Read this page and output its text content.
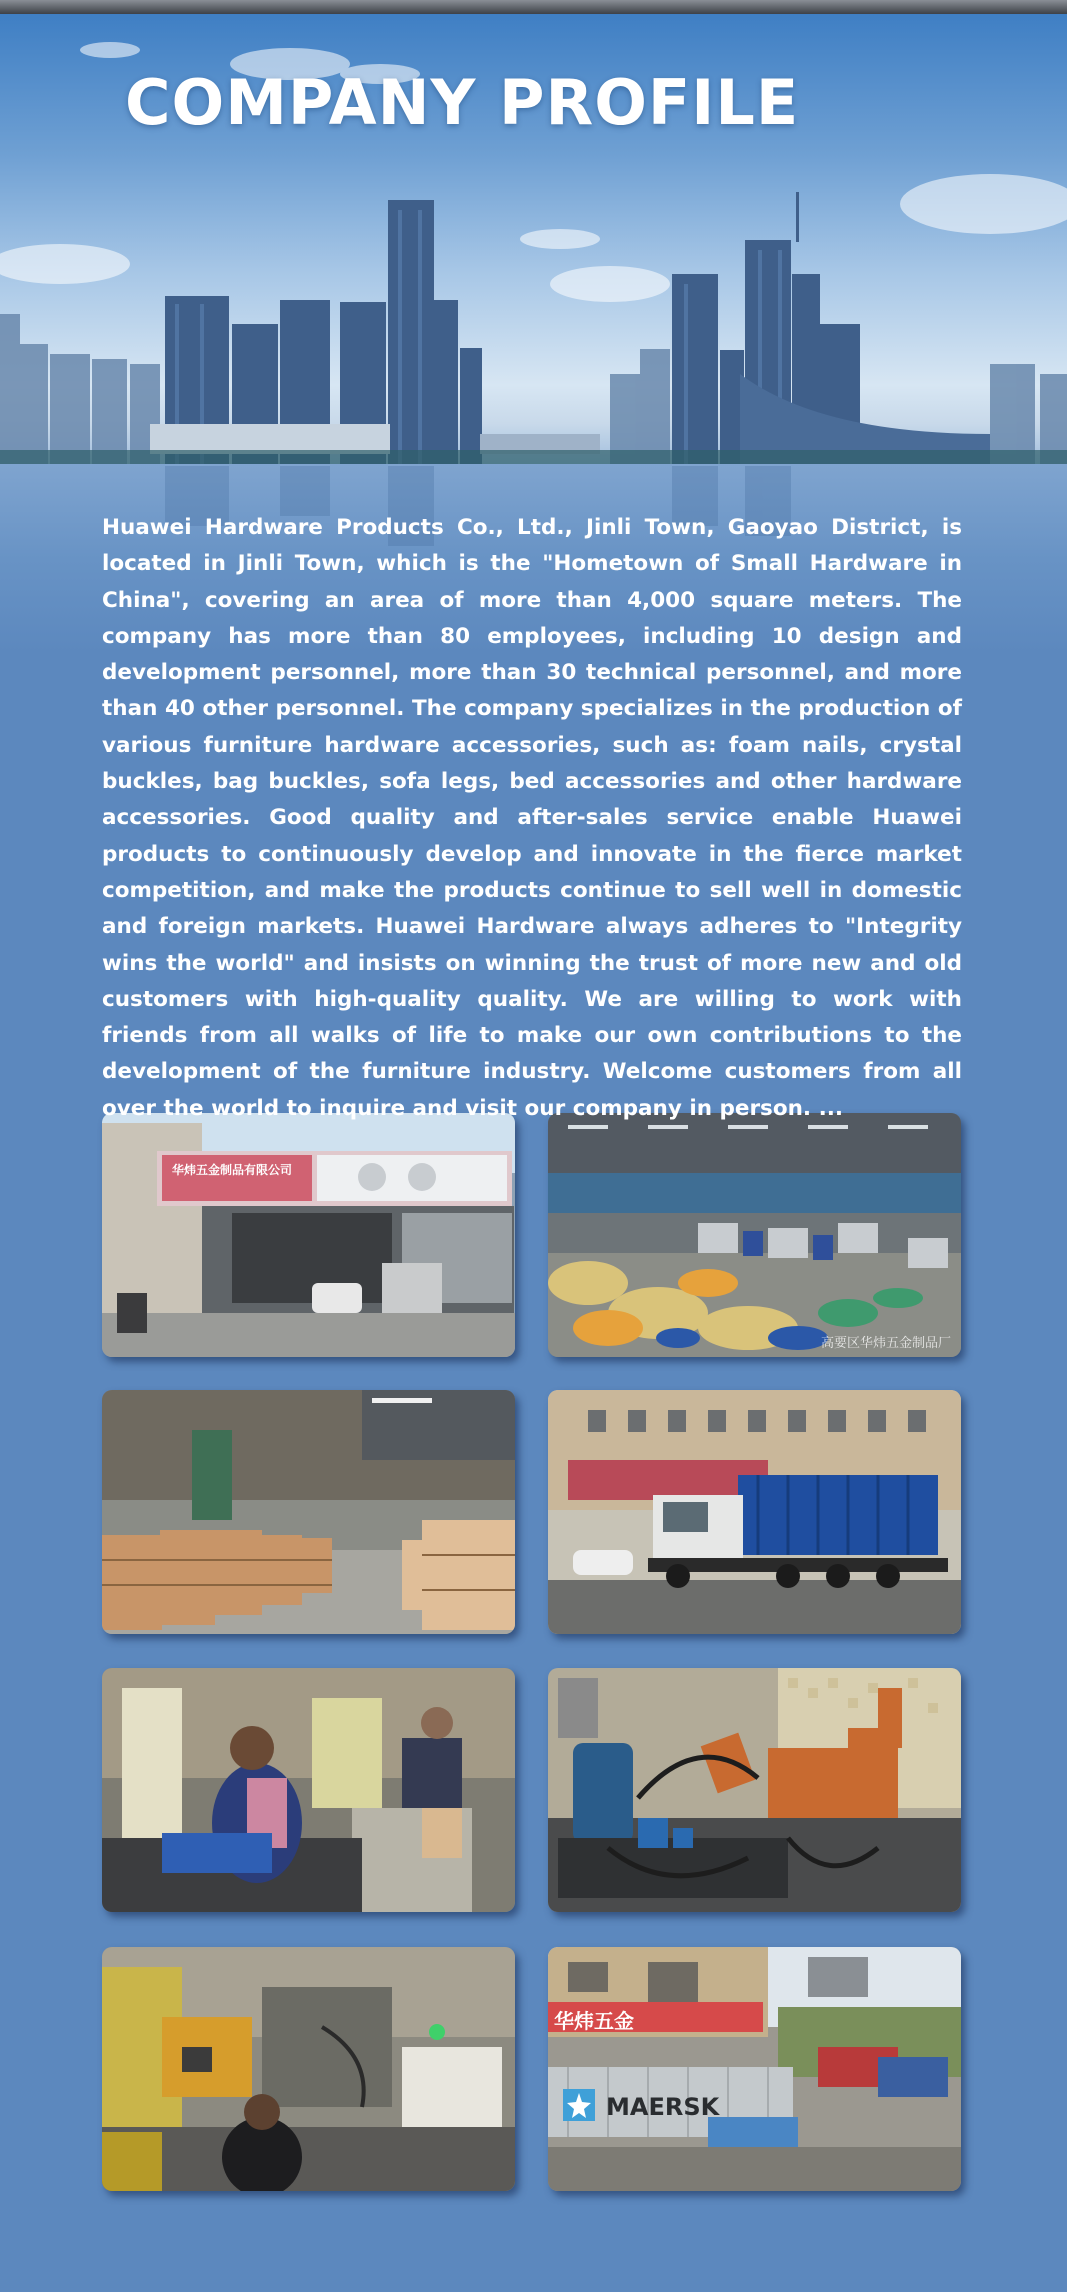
COMPANY PROFILE

Huawei Hardware Products Co., Ltd., Jinli Town, Gaoyao District, is located in Jinli Town, which is the "Hometown of Small Hardware in China", covering an area of more than 4,000 square meters. The company has more than 80 employees, including 10 design and development personnel, more than 30 technical personnel, and more than 40 other personnel. The company specializes in the production of various furniture hardware accessories, such as: foam nails, crystal buckles, bag buckles, sofa legs, bed accessories and other hardware accessories. Good quality and after-sales service enable Huawei products to continuously develop and innovate in the fierce market competition, and make the products continue to sell well in domestic and foreign markets. Huawei Hardware always adheres to "Integrity wins the world" and insists on winning the trust of more new and old customers with high-quality quality. We are willing to work with friends from all walks of life to make our own contributions to the development of the furniture industry. Welcome customers from all over the world to inquire and visit our company in person. ...

华炜五金制品有限公司
高要区华炜五金制品厂
华炜五金
MAERSK
